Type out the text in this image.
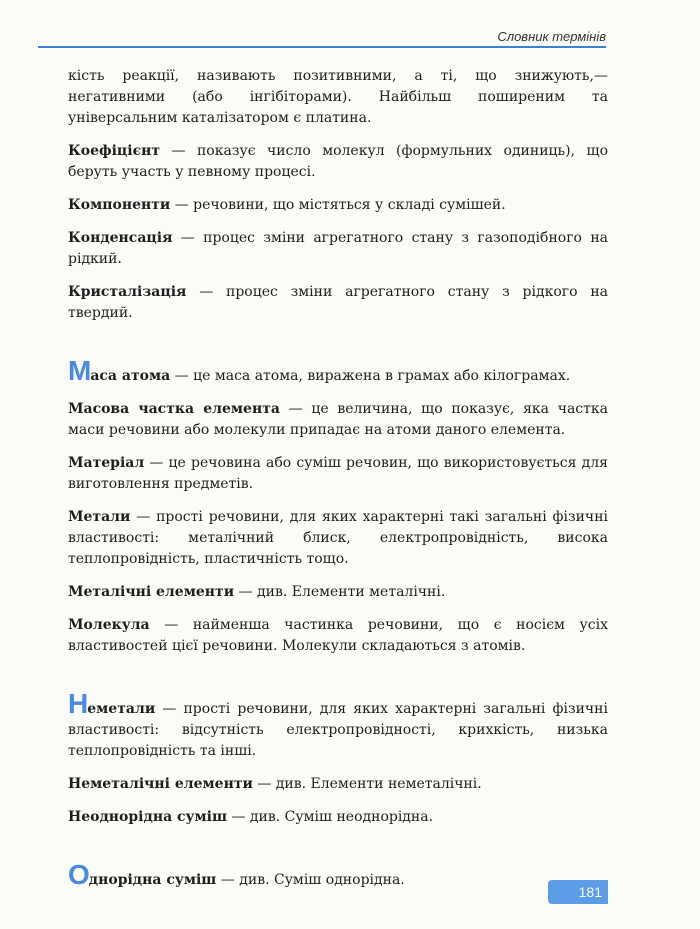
Словник термінів

кість реакції, називають позитивними, а ті, що знижують,— негативними (або інгібіторами). Найбільш поширеним та універсальним каталізатором є платина.

Коефіцієнт — показує число молекул (формульних одиниць), що беруть участь у певному процесі.

Компоненти — речовини, що містяться у складі сумішей.

Конденсація — процес зміни агрегатного стану з газоподібного на рідкий.

Кристалізація — процес зміни агрегатного стану з рідкого на твердий.

Маса атома — це маса атома, виражена в грамах або кілограмах.

Масова частка елемента — це величина, що показує, яка частка маси речовини або молекули припадає на атоми даного елемента.

Матеріал — це речовина або суміш речовин, що використовується для виготовлення предметів.

Метали — прості речовини, для яких характерні такі загальні фізичні властивості: металічний блиск, електропровідність, висока теплопровідність, пластичність тощо.

Металічні елементи — див. Елементи металічні.

Молекула — найменша частинка речовини, що є носієм усіх властивостей цієї речовини. Молекули складаються з атомів.

Неметали — прості речовини, для яких характерні загальні фізичні властивості: відсутність електропровідності, крихкість, низька теплопровідність та інші.

Неметалічні елементи — див. Елементи неметалічні.

Неоднорідна суміш — див. Суміш неоднорідна.

Однорідна суміш — див. Суміш однорідна.

181
